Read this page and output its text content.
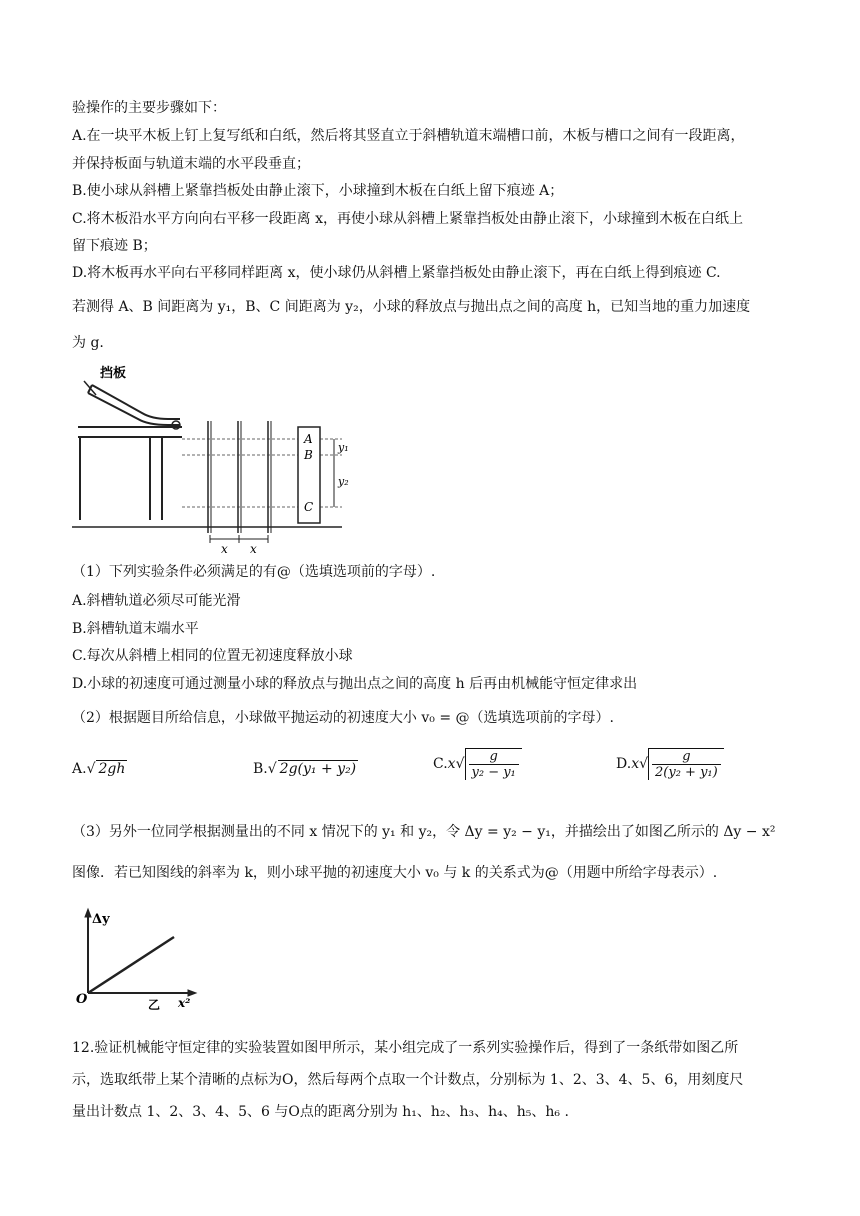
验操作的主要步骤如下：
A.在一块平木板上钉上复写纸和白纸，然后将其竖直立于斜槽轨道末端槽口前，木板与槽口之间有一段距离，
并保持板面与轨道末端的水平段垂直；
B.使小球从斜槽上紧靠挡板处由静止滚下，小球撞到木板在白纸上留下痕迹 A；
C.将木板沿水平方向向右平移一段距离 x，再使小球从斜槽上紧靠挡板处由静止滚下，小球撞到木板在白纸上
留下痕迹 B；
D.将木板再水平向右平移同样距离 x，使小球仍从斜槽上紧靠挡板处由静止滚下，再在白纸上得到痕迹 C.
若测得 A、B 间距离为 y₁，B、C 间距离为 y₂，小球的释放点与抛出点之间的高度 h，已知当地的重力加速度
为 g.
挡板
A
B
C
y₁
y₂
x x
（1）下列实验条件必须满足的有@（选填选项前的字母）.
A.斜槽轨道必须尽可能光滑
B.斜槽轨道末端水平
C.每次从斜槽上相同的位置无初速度释放小球
D.小球的初速度可通过测量小球的释放点与抛出点之间的高度 h 后再由机械能守恒定律求出
（2）根据题目所给信息，小球做平抛运动的初速度大小 v₀ = @（选填选项前的字母）.
A.√ 2gh	B.√ 2g(y₁ + y₂)	$C.x√ \frac{g}{\text{y₂ − y₁}}$	$D.x√ \frac{g}{\text{2(y₂ + y₁)}}$
（3）另外一位同学根据测量出的不同 x 情况下的 y₁ 和 y₂，令 Δy = y₂ − y₁，并描绘出了如图乙所示的 Δy − x²
图像．若已知图线的斜率为 k，则小球平抛的初速度大小 v₀ 与 k 的关系式为@（用题中所给字母表示）.
Δy
x²
O	乙
12.验证机械能守恒定律的实验装置如图甲所示，某小组完成了一系列实验操作后，得到了一条纸带如图乙所
示，选取纸带上某个清晰的点标为O，然后每两个点取一个计数点，分别标为 1、2、3、4、5、6，用刻度尺
量出计数点 1、2、3、4、5、6 与O点的距离分别为 h₁、h₂、h₃、h₄、h₅、h₆ .
